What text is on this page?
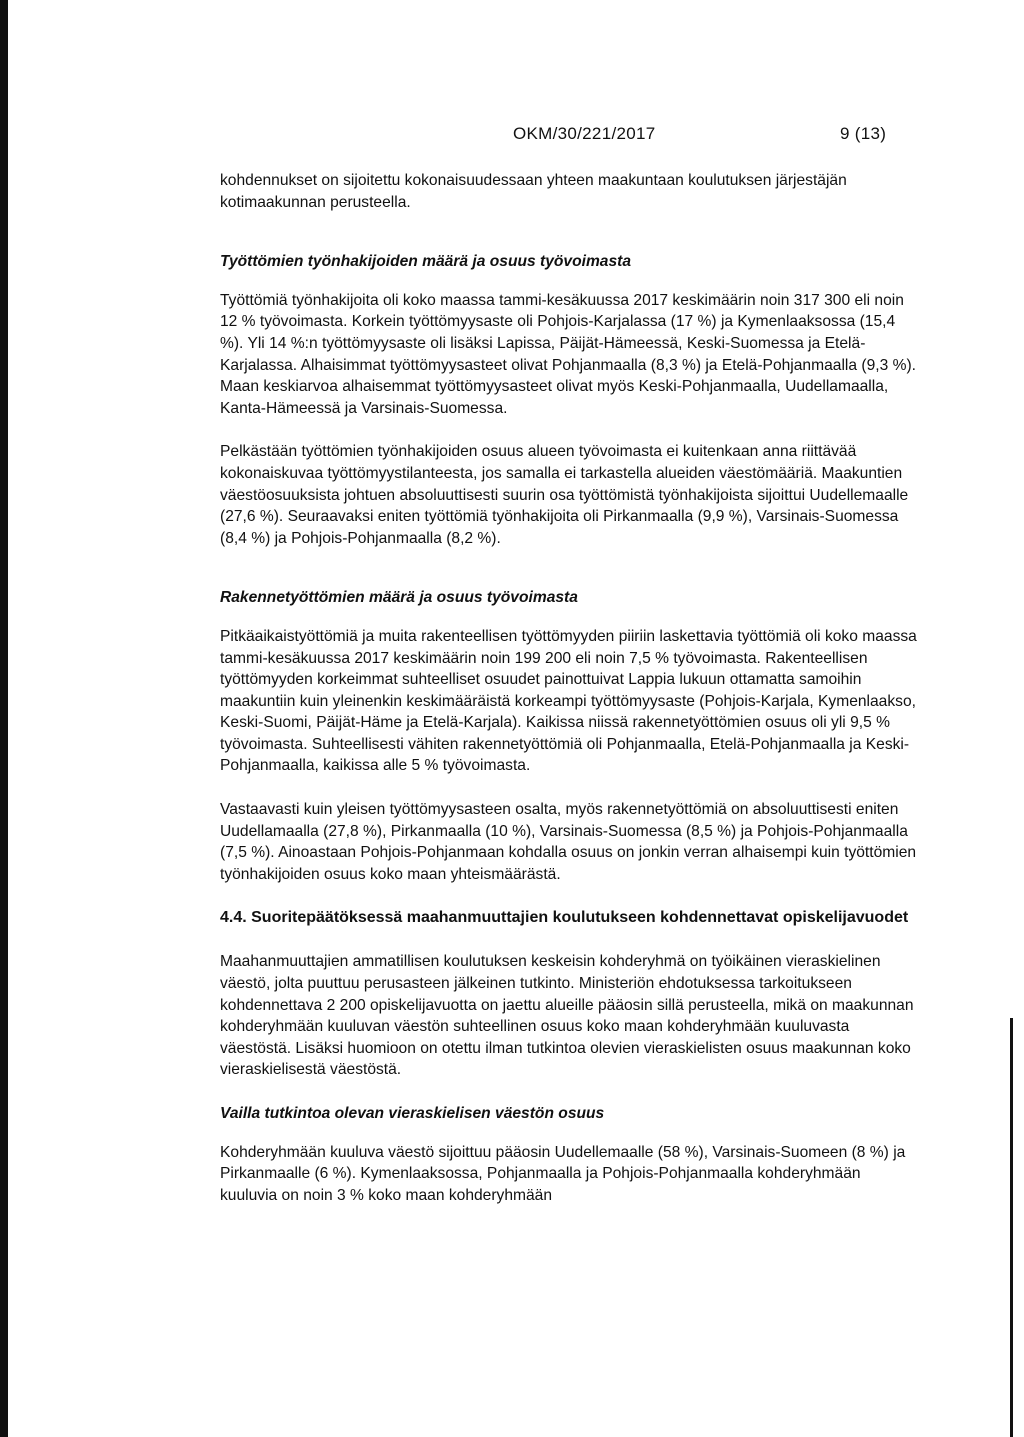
OKM/30/221/2017	9 (13)

kohdennukset on sijoitettu kokonaisuudessaan yhteen maakuntaan koulutuksen järjestäjän kotimaakunnan perusteella.

Työttömien työnhakijoiden määrä ja osuus työvoimasta

Työttömiä työnhakijoita oli koko maassa tammi-kesäkuussa 2017 keskimäärin noin 317 300 eli noin 12 % työvoimasta. Korkein työttömyysaste oli Pohjois-Karjalassa (17 %) ja Kymenlaaksossa (15,4 %). Yli 14 %:n työttömyysaste oli lisäksi Lapissa, Päijät-Hämeessä, Keski-Suomessa ja Etelä-Karjalassa. Alhaisimmat työttömyysasteet olivat Pohjanmaalla (8,3 %) ja Etelä-Pohjanmaalla (9,3 %). Maan keskiarvoa alhaisemmat työttömyysasteet olivat myös Keski-Pohjanmaalla, Uudellamaalla, Kanta-Hämeessä ja Varsinais-Suomessa.

Pelkästään työttömien työnhakijoiden osuus alueen työvoimasta ei kuitenkaan anna riittävää kokonaiskuvaa työttömyystilanteesta, jos samalla ei tarkastella alueiden väestömääriä. Maakuntien väestöosuuksista johtuen absoluuttisesti suurin osa työttömistä työnhakijoista sijoittui Uudellemaalle (27,6 %). Seuraavaksi eniten työttömiä työnhakijoita oli Pirkanmaalla (9,9 %), Varsinais-Suomessa (8,4 %) ja Pohjois-Pohjanmaalla (8,2 %).

Rakennetyöttömien määrä ja osuus työvoimasta

Pitkäaikaistyöttömiä ja muita rakenteellisen työttömyyden piiriin laskettavia työttömiä oli koko maassa tammi-kesäkuussa 2017 keskimäärin noin 199 200 eli noin 7,5 % työvoimasta. Rakenteellisen työttömyyden korkeimmat suhteelliset osuudet painottuivat Lappia lukuun ottamatta samoihin maakuntiin kuin yleinenkin keskimääräistä korkeampi työttömyysaste (Pohjois-Karjala, Kymenlaakso, Keski-Suomi, Päijät-Häme ja Etelä-Karjala). Kaikissa niissä rakennetyöttömien osuus oli yli 9,5 % työvoimasta. Suhteellisesti vähiten rakennetyöttömiä oli Pohjanmaalla, Etelä-Pohjanmaalla ja Keski-Pohjanmaalla, kaikissa alle 5 % työvoimasta.

Vastaavasti kuin yleisen työttömyysasteen osalta, myös rakennetyöttömiä on absoluuttisesti eniten Uudellamaalla (27,8 %), Pirkanmaalla (10 %), Varsinais-Suomessa (8,5 %) ja Pohjois-Pohjanmaalla (7,5 %). Ainoastaan Pohjois-Pohjanmaan kohdalla osuus on jonkin verran alhaisempi kuin työttömien työnhakijoiden osuus koko maan yhteismäärästä.

4.4. Suoritepäätöksessä maahanmuuttajien koulutukseen kohdennettavat opiskelijavuodet

Maahanmuuttajien ammatillisen koulutuksen keskeisin kohderyhmä on työikäinen vieraskielinen väestö, jolta puuttuu perusasteen jälkeinen tutkinto. Ministeriön ehdotuksessa tarkoitukseen kohdennettava 2 200 opiskelijavuotta on jaettu alueille pääosin sillä perusteella, mikä on maakunnan kohderyhmään kuuluvan väestön suhteellinen osuus koko maan kohderyhmään kuuluvasta väestöstä. Lisäksi huomioon on otettu ilman tutkintoa olevien vieraskielisten osuus maakunnan koko vieraskielisestä väestöstä.

Vailla tutkintoa olevan vieraskielisen väestön osuus

Kohderyhmään kuuluva väestö sijoittuu pääosin Uudellemaalle (58 %), Varsinais-Suomeen (8 %) ja Pirkanmaalle (6 %). Kymenlaaksossa, Pohjanmaalla ja Pohjois-Pohjanmaalla kohderyhmään kuuluvia on noin 3 % koko maan kohderyhmään
